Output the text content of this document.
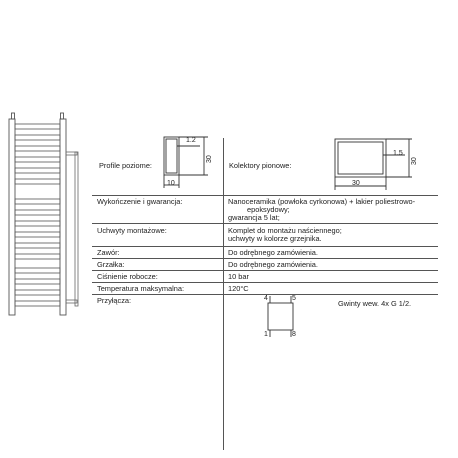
Profile poziome:	Kolektory pionowe:
30
1.2
10
30
1.5
30
Wykończenie i gwarancja:	Nanoceramika (powłoka cyrkonowa) + lakier poliestrowo-
epoksydowy;
gwarancja 5 lat;
Uchwyty montażowe:	Komplet do montażu naściennego;
uchwyty w kolorze grzejnika.
Zawór:	Do odrębnego zamówienia.
Grzałka:	Do odrębnego zamówienia.
Ciśnienie robocze:	10 bar
Temperatura maksymalna:	120°C
Przyłącza:	4	5
1	8
Gwinty wew. 4x G 1/2.
